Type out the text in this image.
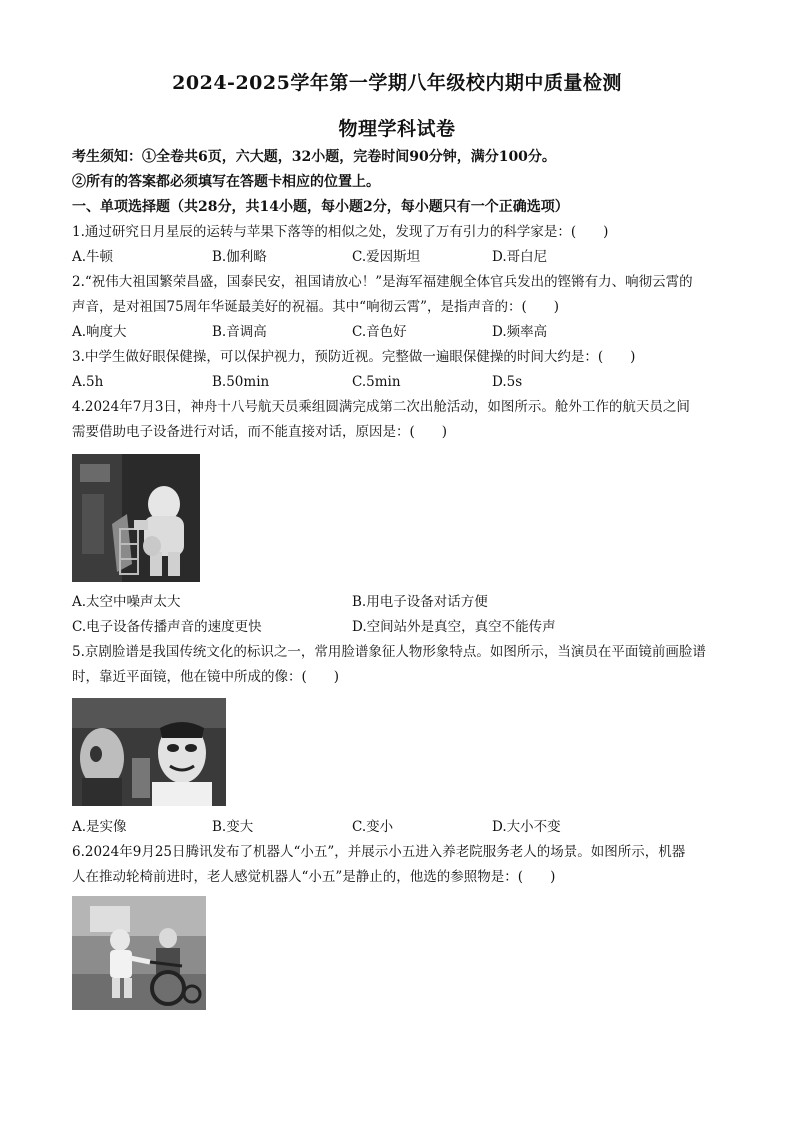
2024-2025学年第一学期八年级校内期中质量检测
物理学科试卷
考生须知：①全卷共6页，六大题，32小题，完卷时间90分钟，满分100分。
②所有的答案都必须填写在答题卡相应的位置上。
一、单项选择题（共28分，共14小题，每小题2分，每小题只有一个正确选项）
1.通过研究日月星辰的运转与苹果下落等的相似之处，发现了万有引力的科学家是：(　　)
A.牛顿	B.伽利略	C.爱因斯坦	D.哥白尼
2.“祝伟大祖国繁荣昌盛，国泰民安，祖国请放心！”是海军福建舰全体官兵发出的铿锵有力、响彻云霄的
声音，是对祖国75周年华诞最美好的祝福。其中“响彻云霄”，是指声音的：(　　)
A.响度大	B.音调高	C.音色好	D.频率高
3.中学生做好眼保健操，可以保护视力，预防近视。完整做一遍眼保健操的时间大约是：(　　)
A.5h	B.50min	C.5min	D.5s
4.2024年7月3日，神舟十八号航天员乘组圆满完成第二次出舱活动，如图所示。舱外工作的航天员之间
需要借助电子设备进行对话，而不能直接对话，原因是：(　　)
A.太空中噪声太大	B.用电子设备对话方便
C.电子设备传播声音的速度更快	D.空间站外是真空，真空不能传声
5.京剧脸谱是我国传统文化的标识之一，常用脸谱象征人物形象特点。如图所示，当演员在平面镜前画脸谱
时，靠近平面镜，他在镜中所成的像：(　　)
A.是实像	B.变大	C.变小	D.大小不变
6.2024年9月25日腾讯发布了机器人“小五”，并展示小五进入养老院服务老人的场景。如图所示，机器
人在推动轮椅前进时，老人感觉机器人“小五”是静止的，他选的参照物是：(　　)
